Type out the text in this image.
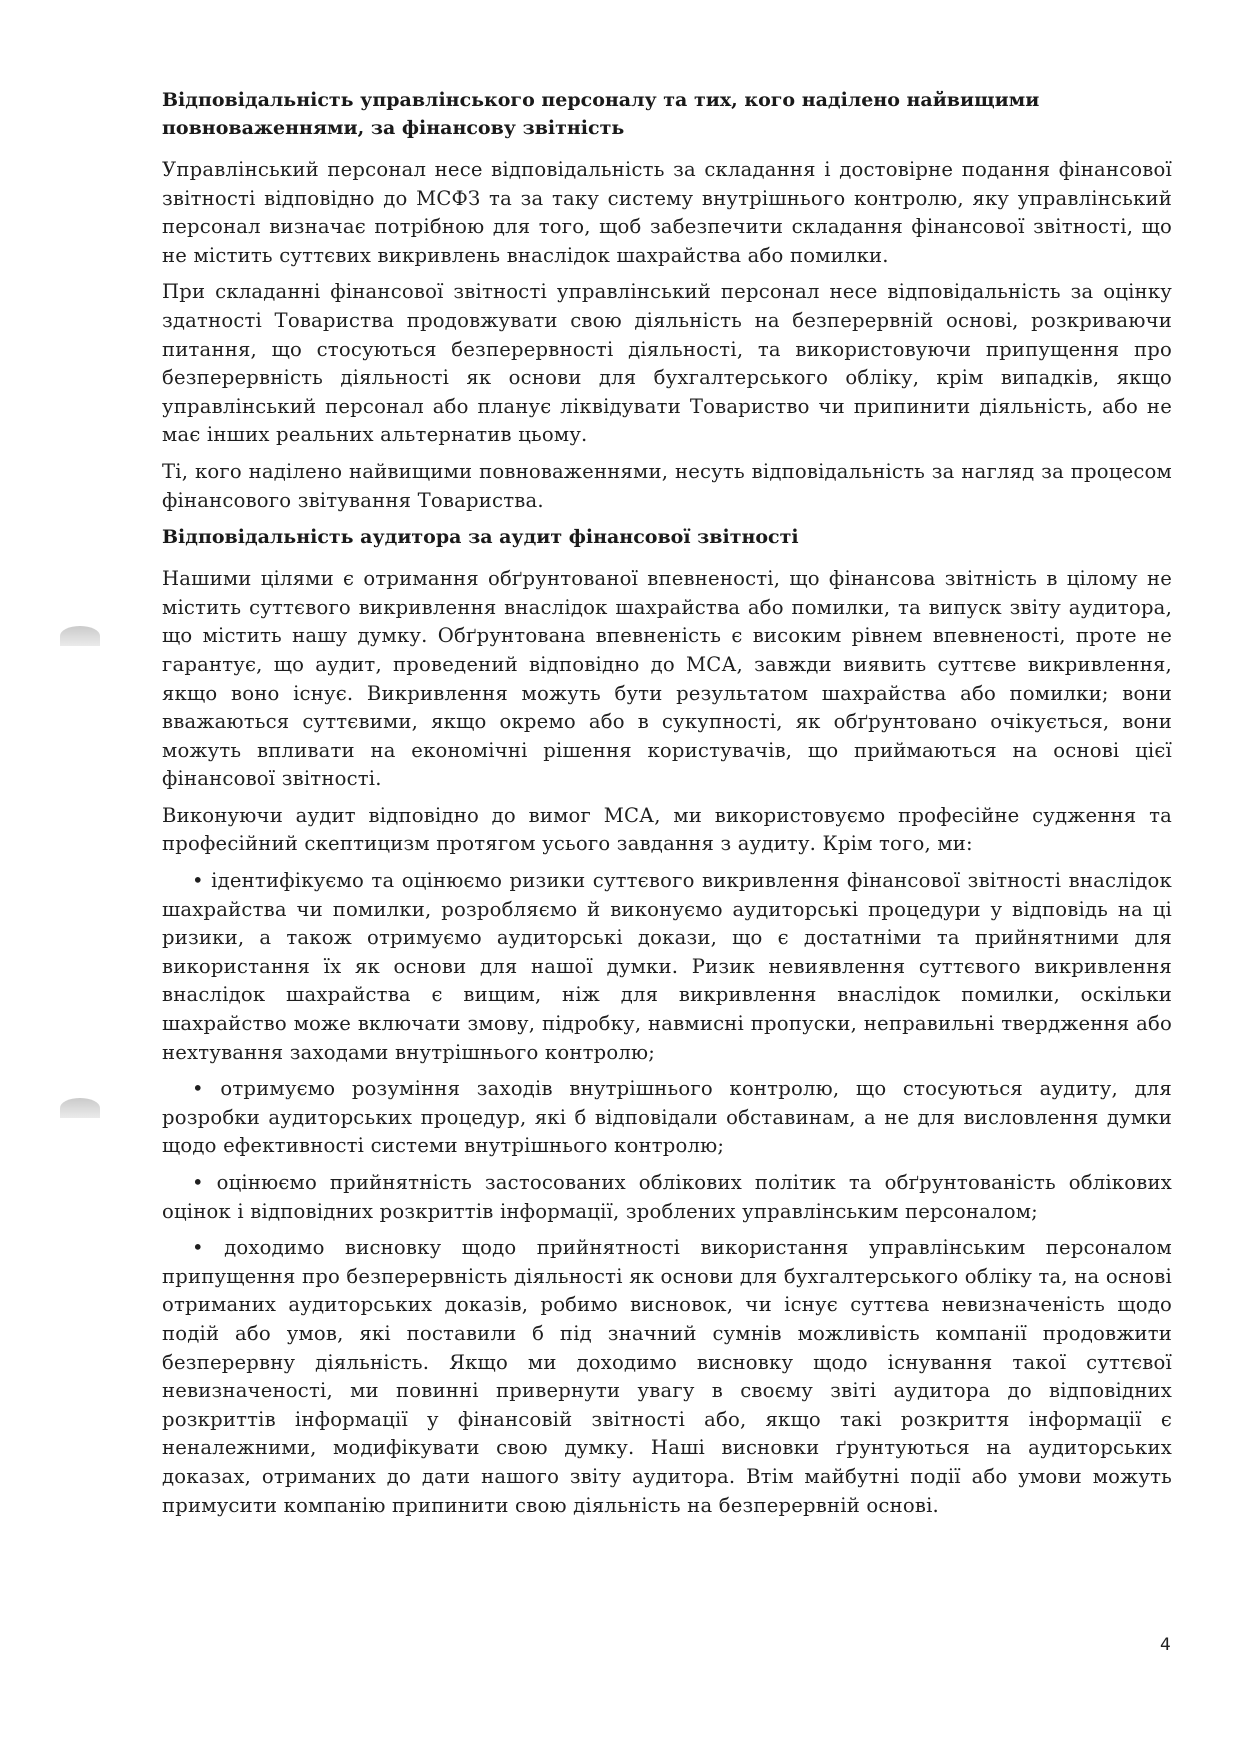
Відповідальність управлінського персоналу та тих, кого наділено найвищими повноваженнями, за фінансову звітність

Управлінський персонал несе відповідальність за складання і достовірне подання фінансової звітності відповідно до МСФЗ та за таку систему внутрішнього контролю, яку управлінський персонал визначає потрібною для того, щоб забезпечити складання фінансової звітності, що не містить суттєвих викривлень внаслідок шахрайства або помилки.

При складанні фінансової звітності управлінський персонал несе відповідальність за оцінку здатності Товариства продовжувати свою діяльність на безперервній основі, розкриваючи питання, що стосуються безперервності діяльності, та використовуючи припущення про безперервність діяльності як основи для бухгалтерського обліку, крім випадків, якщо управлінський персонал або планує ліквідувати Товариство чи припинити діяльність, або не має інших реальних альтернатив цьому.

Ті, кого наділено найвищими повноваженнями, несуть відповідальність за нагляд за процесом фінансового звітування Товариства.

Відповідальність аудитора за аудит фінансової звітності

Нашими цілями є отримання обґрунтованої впевненості, що фінансова звітність в цілому не містить суттєвого викривлення внаслідок шахрайства або помилки, та випуск звіту аудитора, що містить нашу думку. Обґрунтована впевненість є високим рівнем впевненості, проте не гарантує, що аудит, проведений відповідно до МСА, завжди виявить суттєве викривлення, якщо воно існує. Викривлення можуть бути результатом шахрайства або помилки; вони вважаються суттєвими, якщо окремо або в сукупності, як обґрунтовано очікується, вони можуть впливати на економічні рішення користувачів, що приймаються на основі цієї фінансової звітності.

Виконуючи аудит відповідно до вимог МСА, ми використовуємо професійне судження та професійний скептицизм протягом усього завдання з аудиту. Крім того, ми:

• ідентифікуємо та оцінюємо ризики суттєвого викривлення фінансової звітності внаслідок шахрайства чи помилки, розробляємо й виконуємо аудиторські процедури у відповідь на ці ризики, а також отримуємо аудиторські докази, що є достатніми та прийнятними для використання їх як основи для нашої думки. Ризик невиявлення суттєвого викривлення внаслідок шахрайства є вищим, ніж для викривлення внаслідок помилки, оскільки шахрайство може включати змову, підробку, навмисні пропуски, неправильні твердження або нехтування заходами внутрішнього контролю;

• отримуємо розуміння заходів внутрішнього контролю, що стосуються аудиту, для розробки аудиторських процедур, які б відповідали обставинам, а не для висловлення думки щодо ефективності системи внутрішнього контролю;

• оцінюємо прийнятність застосованих облікових політик та обґрунтованість облікових оцінок і відповідних розкриттів інформації, зроблених управлінським персоналом;

• доходимо висновку щодо прийнятності використання управлінським персоналом припущення про безперервність діяльності як основи для бухгалтерського обліку та, на основі отриманих аудиторських доказів, робимо висновок, чи існує суттєва невизначеність щодо подій або умов, які поставили б під значний сумнів можливість компанії продовжити безперервну діяльність. Якщо ми доходимо висновку щодо існування такої суттєвої невизначеності, ми повинні привернути увагу в своєму звіті аудитора до відповідних розкриттів інформації у фінансовій звітності або, якщо такі розкриття інформації є неналежними, модифікувати свою думку. Наші висновки ґрунтуються на аудиторських доказах, отриманих до дати нашого звіту аудитора. Втім майбутні події або умови можуть примусити компанію припинити свою діяльність на безперервній основі.

4
